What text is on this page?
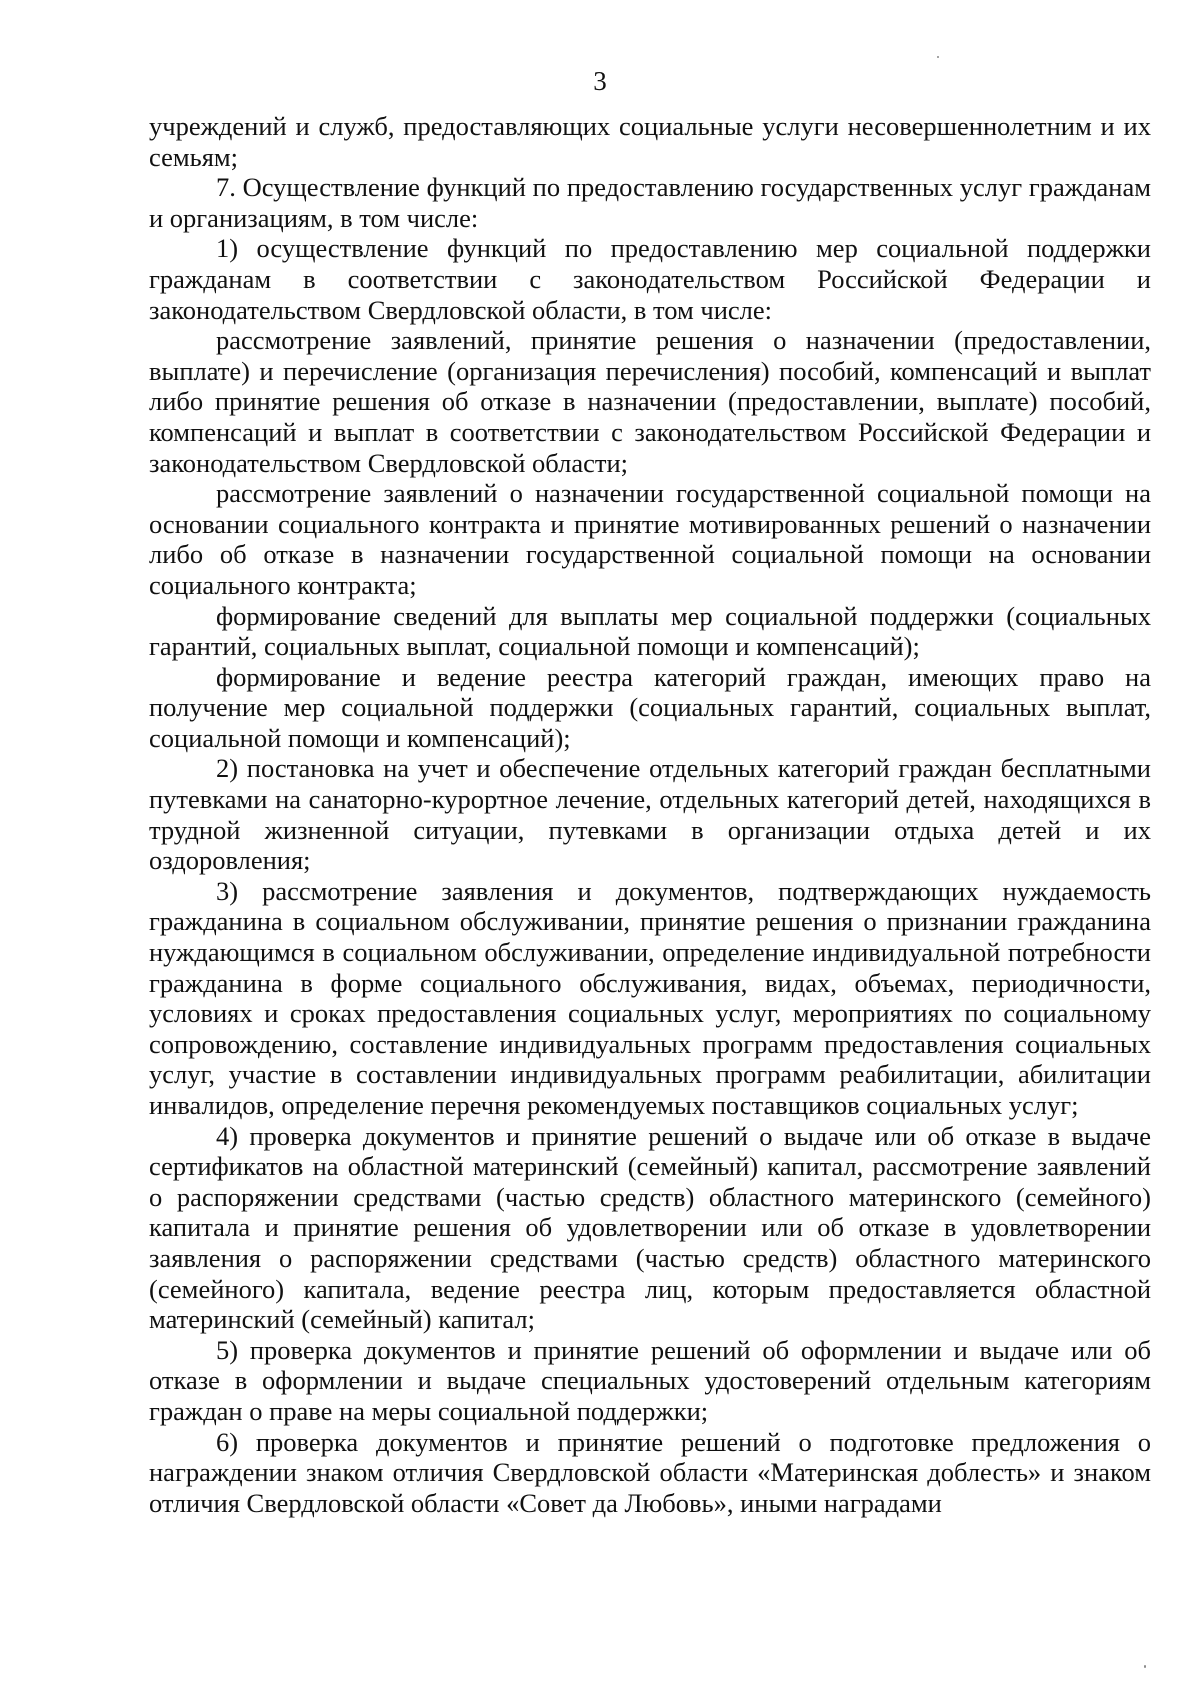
3

учреждений и служб, предоставляющих социальные услуги несовершеннолетним и их семьям;

7. Осуществление функций по предоставлению государственных услуг гражданам и организациям, в том числе:

1) осуществление функций по предоставлению мер социальной поддержки гражданам в соответствии с законодательством Российской Федерации и законодательством Свердловской области, в том числе:

рассмотрение заявлений, принятие решения о назначении (предоставлении, выплате) и перечисление (организация перечисления) пособий, компенсаций и выплат либо принятие решения об отказе в назначении (предоставлении, выплате) пособий, компенсаций и выплат в соответствии с законодательством Российской Федерации и законодательством Свердловской области;

рассмотрение заявлений о назначении государственной социальной помощи на основании социального контракта и принятие мотивированных решений о назначении либо об отказе в назначении государственной социальной помощи на основании социального контракта;

формирование сведений для выплаты мер социальной поддержки (социальных гарантий, социальных выплат, социальной помощи и компенсаций);

формирование и ведение реестра категорий граждан, имеющих право на получение мер социальной поддержки (социальных гарантий, социальных выплат, социальной помощи и компенсаций);

2) постановка на учет и обеспечение отдельных категорий граждан бесплатными путевками на санаторно-курортное лечение, отдельных категорий детей, находящихся в трудной жизненной ситуации, путевками в организации отдыха детей и их оздоровления;

3) рассмотрение заявления и документов, подтверждающих нуждаемость гражданина в социальном обслуживании, принятие решения о признании гражданина нуждающимся в социальном обслуживании, определение индивидуальной потребности гражданина в форме социального обслуживания, видах, объемах, периодичности, условиях и сроках предоставления социальных услуг, мероприятиях по социальному сопровождению, составление индивидуальных программ предоставления социальных услуг, участие в составлении индивидуальных программ реабилитации, абилитации инвалидов, определение перечня рекомендуемых поставщиков социальных услуг;

4) проверка документов и принятие решений о выдаче или об отказе в выдаче сертификатов на областной материнский (семейный) капитал, рассмотрение заявлений о распоряжении средствами (частью средств) областного материнского (семейного) капитала и принятие решения об удовлетворении или об отказе в удовлетворении заявления о распоряжении средствами (частью средств) областного материнского (семейного) капитала, ведение реестра лиц, которым предоставляется областной материнский (семейный) капитал;

5) проверка документов и принятие решений об оформлении и выдаче или об отказе в оформлении и выдаче специальных удостоверений отдельным категориям граждан о праве на меры социальной поддержки;

6) проверка документов и принятие решений о подготовке предложения о награждении знаком отличия Свердловской области «Материнская доблесть» и знаком отличия Свердловской области «Совет да Любовь», иными наградами
